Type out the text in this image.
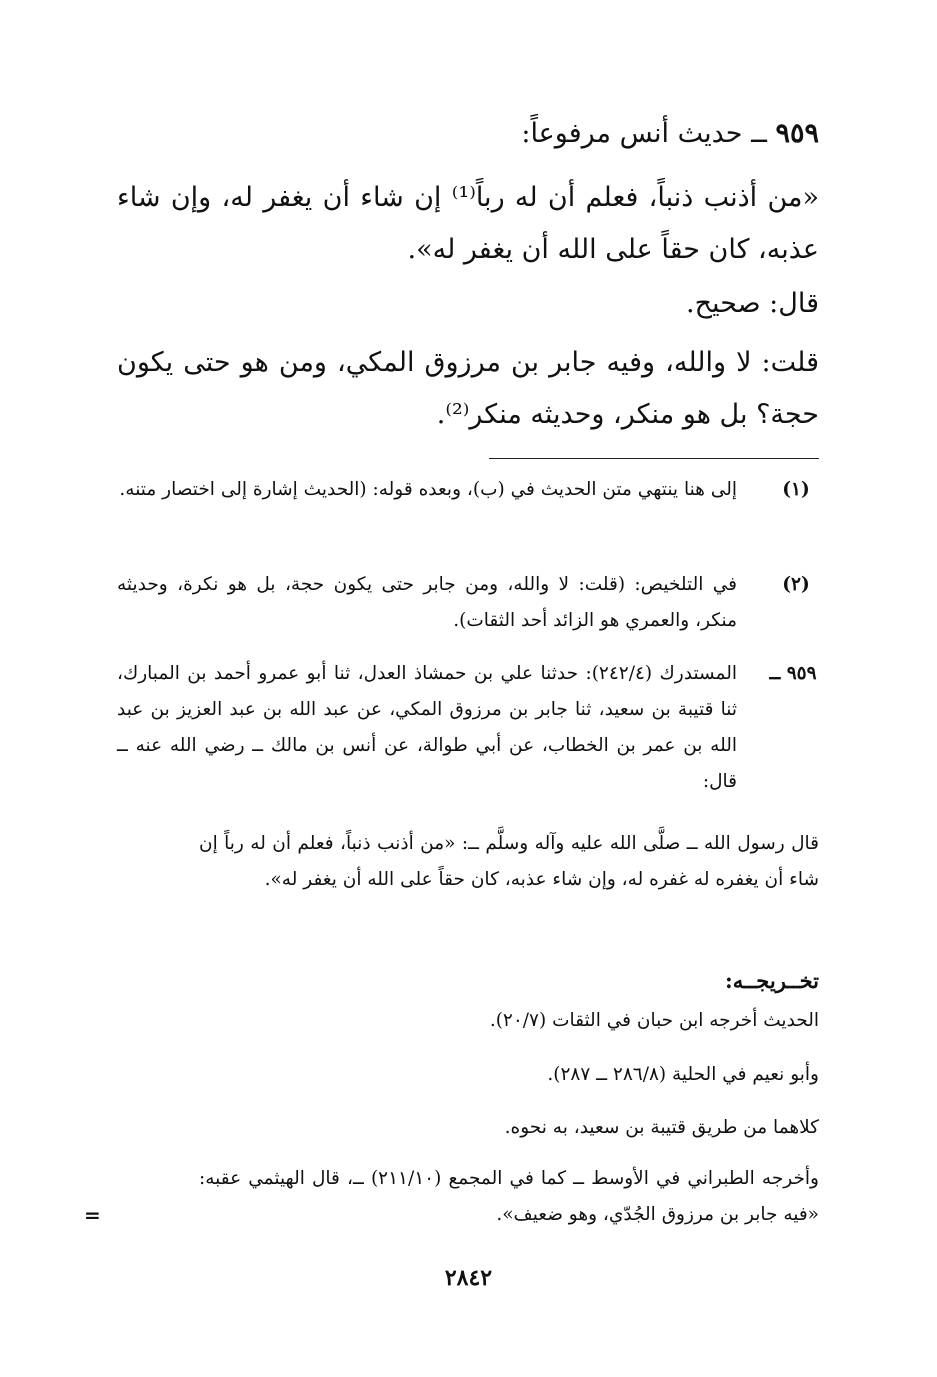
٩٥٩ ــ حديث أنس مرفوعاً:
«من أذنب ذنباً، فعلم أن له رباً⁽¹⁾ إن شاء أن يغفر له، وإن شاء عذبه، كان حقاً على الله أن يغفر له».
قال: صحيح.
قلت: لا والله، وفيه جابر بن مرزوق المكي، ومن هو حتى يكون حجة؟ بل هو منكر، وحديثه منكر⁽²⁾.
(١)
إلى هنا ينتهي متن الحديث في (ب)، وبعده قوله: (الحديث إشارة إلى اختصار متنه.
(٢)
في التلخيص: (قلت: لا والله، ومن جابر حتى يكون حجة، بل هو نكرة، وحديثه منكر، والعمري هو الزائد أحد الثقات).
٩٥٩ ــ
المستدرك (٢٤٢/٤): حدثنا علي بن حمشاذ العدل، ثنا أبو عمرو أحمد بن المبارك، ثنا قتيبة بن سعيد، ثنا جابر بن مرزوق المكي، عن عبد الله بن عبد العزيز بن عبد الله بن عمر بن الخطاب، عن أبي طوالة، عن أنس بن مالك ــ رضي الله عنه ــ قال:
قال رسول الله ــ صلَّى الله عليه وآله وسلَّم ــ: «من أذنب ذنباً، فعلم أن له رباً إن شاء أن يغفره له غفره له، وإن شاء عذبه، كان حقاً على الله أن يغفر له».
تخــريجــه:
الحديث أخرجه ابن حبان في الثقات (٢٠/٧).
وأبو نعيم في الحلية (٢٨٦/٨ ــ ٢٨٧).
كلاهما من طريق قتيبة بن سعيد، به نحوه.
وأخرجه الطبراني في الأوسط ــ كما في المجمع (٢١١/١٠) ــ، قال الهيثمي عقبه: «فيه جابر بن مرزوق الجُدّي، وهو ضعيف».
=
٢٨٤٢
